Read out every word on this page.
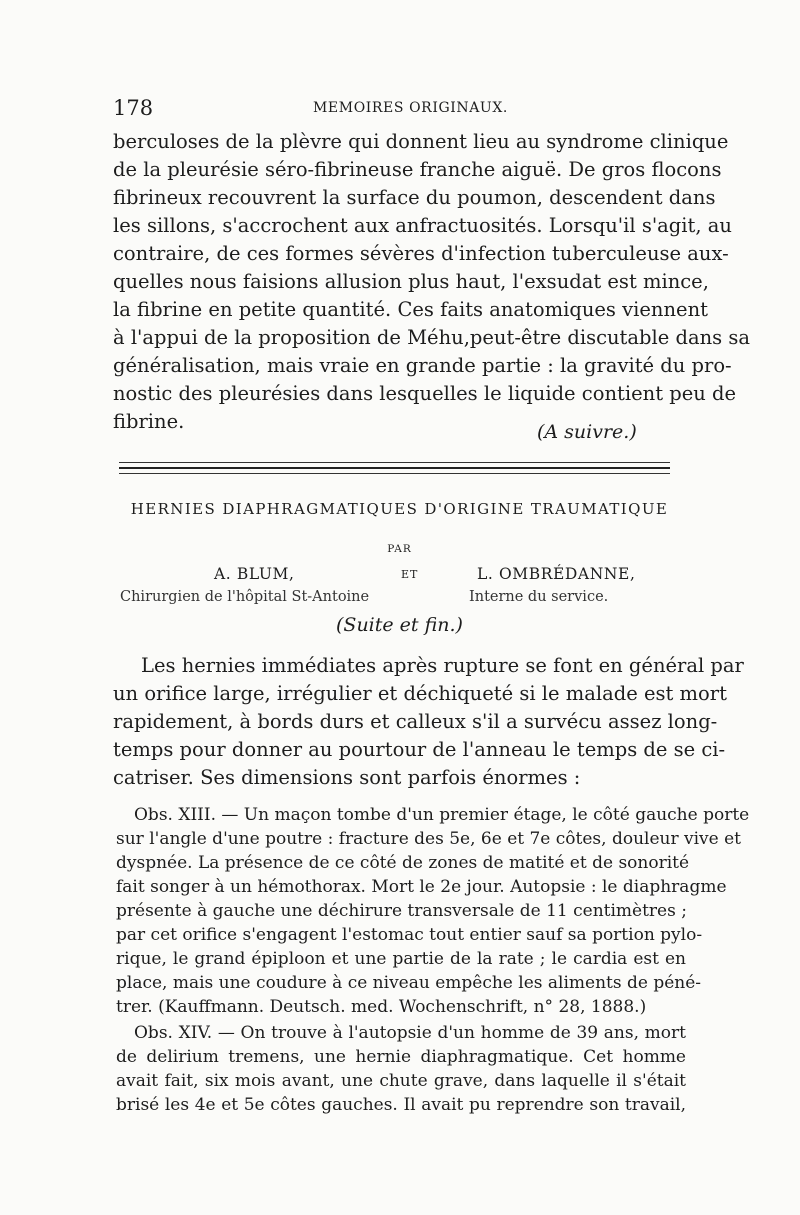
178	MEMOIRES ORIGINAUX.
berculoses de la plèvre qui donnent lieu au syndrome clinique
de la pleurésie séro-fibrineuse franche aiguë. De gros flocons
fibrineux recouvrent la surface du poumon, descendent dans
les sillons, s'accrochent aux anfractuosités. Lorsqu'il s'agit, au
contraire, de ces formes sévères d'infection tuberculeuse aux-
quelles nous faisions allusion plus haut, l'exsudat est mince,
la fibrine en petite quantité. Ces faits anatomiques viennent
à l'appui de la proposition de Méhu,peut-être discutable dans sa
généralisation, mais vraie en grande partie : la gravité du pro-
nostic des pleurésies dans lesquelles le liquide contient peu de
fibrine.	(A suivre.)
HERNIES DIAPHRAGMATIQUES D'ORIGINE TRAUMATIQUE
PAR
A. BLUM,	ET	L. OMBRÉDANNE,
Chirurgien de l'hôpital St-Antoine	Interne du service.
(Suite et fin.)
Les hernies immédiates après rupture se font en général par
un orifice large, irrégulier et déchiqueté si le malade est mort
rapidement, à bords durs et calleux s'il a survécu assez long-
temps pour donner au pourtour de l'anneau le temps de se ci-
catriser. Ses dimensions sont parfois énormes :
Obs. XIII. — Un maçon tombe d'un premier étage, le côté gauche porte
sur l'angle d'une poutre : fracture des 5e, 6e et 7e côtes, douleur vive et
dyspnée. La présence de ce côté de zones de matité et de sonorité
fait songer à un hémothorax. Mort le 2e jour. Autopsie : le diaphragme
présente à gauche une déchirure transversale de 11 centimètres ;
par cet orifice s'engagent l'estomac tout entier sauf sa portion pylo-
rique, le grand épiploon et une partie de la rate ; le cardia est en
place, mais une coudure à ce niveau empêche les aliments de péné-
trer. (Kauffmann. Deutsch. med. Wochenschrift, n° 28, 1888.)
Obs. XIV. — On trouve à l'autopsie d'un homme de 39 ans, mort
de delirium tremens, une hernie diaphragmatique. Cet homme
avait fait, six mois avant, une chute grave, dans laquelle il s'était
brisé les 4e et 5e côtes gauches. Il avait pu reprendre son travail,
